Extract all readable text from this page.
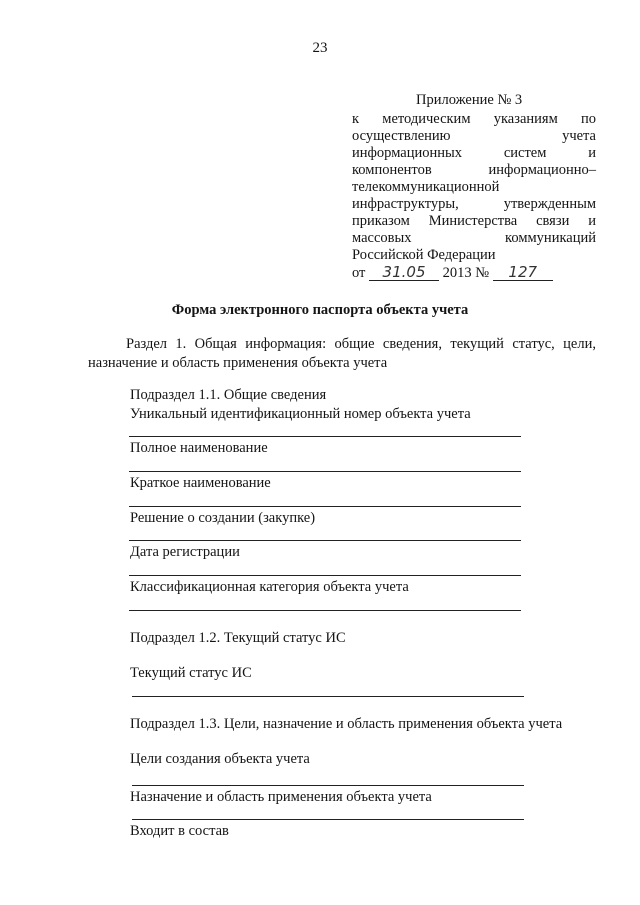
23
Приложение № 3
к методическим указаниям по
осуществлению	учета
информационных	систем	и
компонентов	информационно–
телекоммуникационной
инфраструктуры,	утвержденным
приказом Министерства связи и
массовых	коммуникаций
Российской Федерации
от 31.05 2013 № 127
Форма электронного паспорта объекта учета
Раздел 1. Общая информация: общие сведения, текущий статус, цели, назначение и область применения объекта учета
Подраздел 1.1. Общие сведения
Уникальный идентификационный номер объекта учета
Полное наименование
Краткое наименование
Решение о создании (закупке)
Дата регистрации
Классификационная категория объекта учета
Подраздел 1.2. Текущий статус ИС
Текущий статус ИС
Подраздел 1.3. Цели, назначение и область применения объекта учета
Цели создания объекта учета
Назначение и область применения объекта учета
Входит в состав
